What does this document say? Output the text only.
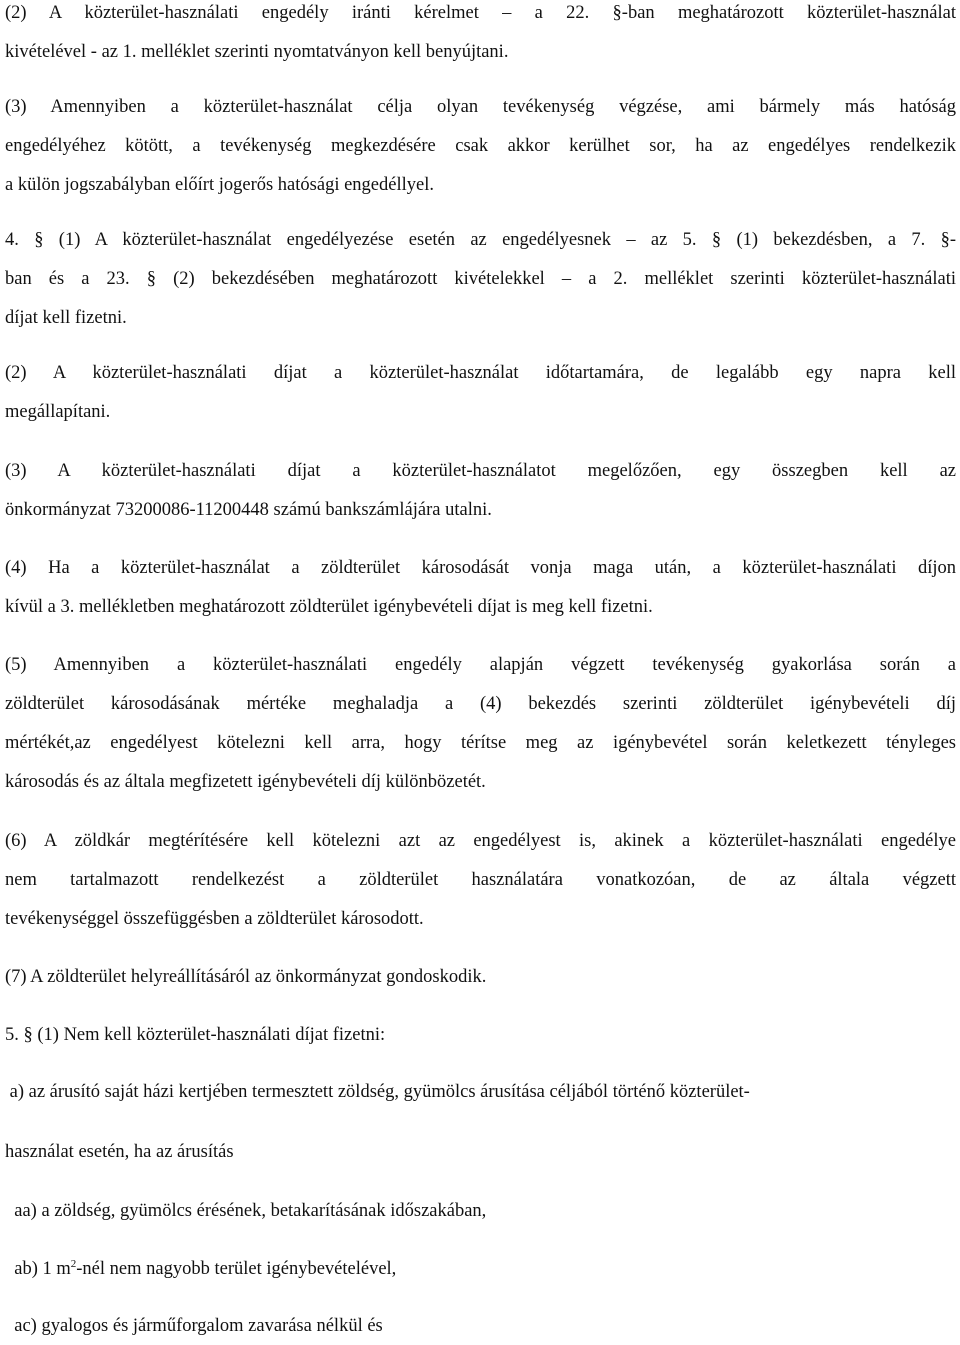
(2) A közterület-használati engedély iránti kérelmet – a 22. §-ban meghatározott közterület-használat
kivételével - az 1. melléklet szerinti nyomtatványon kell benyújtani.
(3) Amennyiben a közterület-használat célja olyan tevékenység végzése, ami bármely más hatóság
engedélyéhez kötött, a tevékenység megkezdésére csak akkor kerülhet sor, ha az engedélyes rendelkezik
a külön jogszabályban előírt jogerős hatósági engedéllyel.
4. § (1) A közterület-használat engedélyezése esetén az engedélyesnek – az 5. § (1) bekezdésben, a 7. §-
ban és a 23. § (2) bekezdésében meghatározott kivételekkel – a 2. melléklet szerinti közterület-használati
díjat kell fizetni.
(2) A közterület-használati díjat a közterület-használat időtartamára, de legalább egy napra kell
megállapítani.
(3) A közterület-használati díjat a közterület-használatot megelőzően, egy összegben kell az
önkormányzat 73200086-11200448 számú bankszámlájára utalni.
(4) Ha a közterület-használat a zöldterület károsodását vonja maga után, a közterület-használati díjon
kívül a 3. mellékletben meghatározott zöldterület igénybevételi díjat is meg kell fizetni.
(5) Amennyiben a közterület-használati engedély alapján végzett tevékenység gyakorlása során a
zöldterület károsodásának mértéke meghaladja a (4) bekezdés szerinti zöldterület igénybevételi díj
mértékét,az engedélyest kötelezni kell arra, hogy térítse meg az igénybevétel során keletkezett tényleges
károsodás és az általa megfizetett igénybevételi díj különbözetét.
(6) A zöldkár megtérítésére kell kötelezni azt az engedélyest is, akinek a közterület-használati engedélye
nem tartalmazott rendelkezést a zöldterület használatára vonatkozóan, de az általa végzett
tevékenységgel összefüggésben a zöldterület károsodott.
(7) A zöldterület helyreállításáról az önkormányzat gondoskodik.
5. § (1) Nem kell közterület-használati díjat fizetni:
a) az árusító saját házi kertjében termesztett zöldség, gyümölcs árusítása céljából történő közterület-
használat esetén, ha az árusítás
aa) a zöldség, gyümölcs érésének, betakarításának időszakában,
ab) 1 $m^2$-nél nem nagyobb terület igénybevételével,
ac) gyalogos és járműforgalom zavarása nélkül és
